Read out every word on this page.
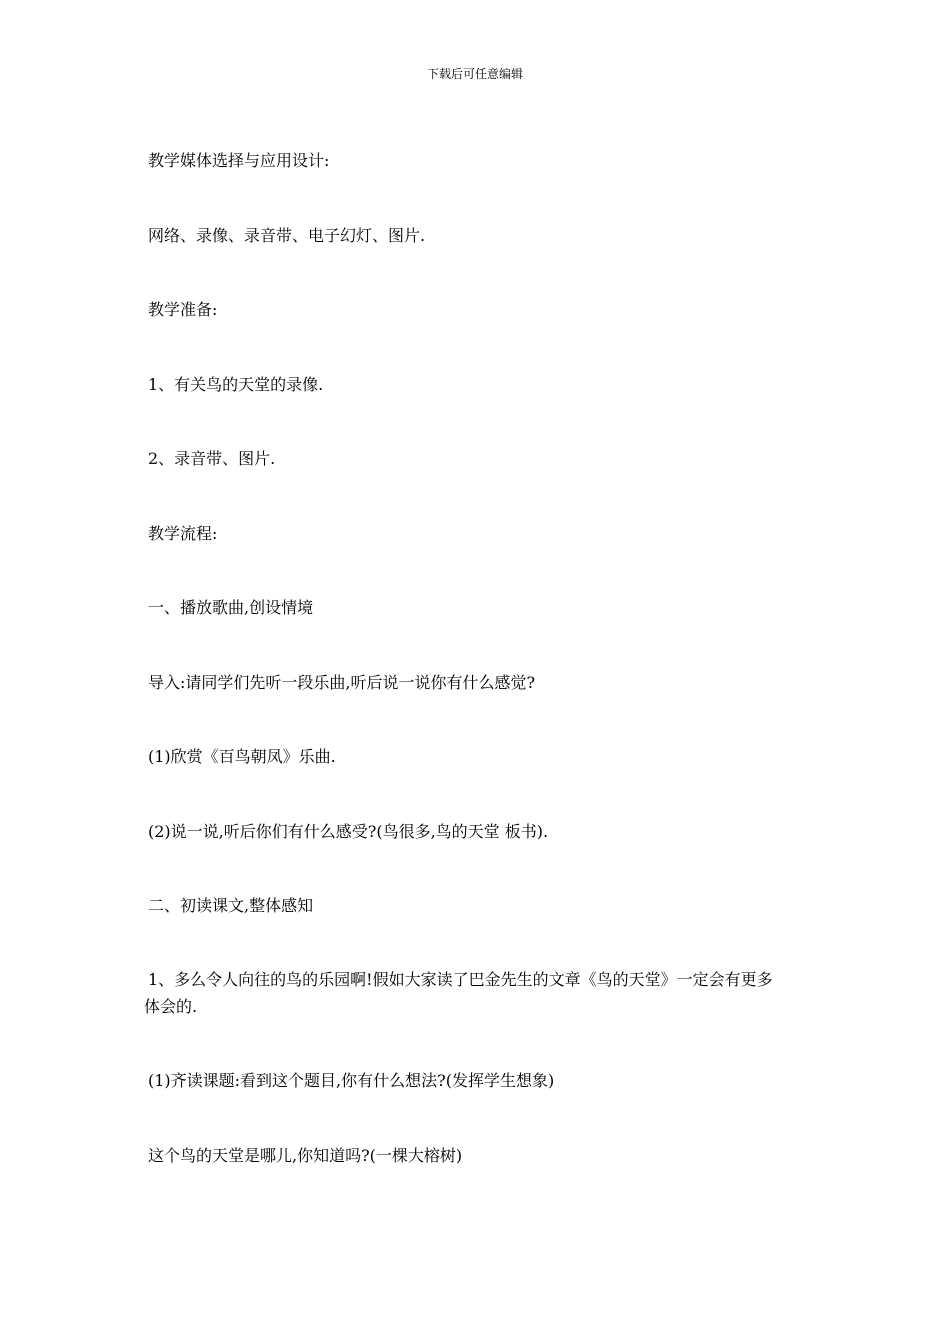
下载后可任意编辑
教学媒体选择与应用设计:
网络、录像、录音带、电子幻灯、图片.
教学准备:
1、有关鸟的天堂的录像.
2、录音带、图片.
教学流程:
一、播放歌曲,创设情境
导入:请同学们先听一段乐曲,听后说一说你有什么感觉?
(1)欣赏《百鸟朝凤》乐曲.
(2)说一说,听后你们有什么感受?(鸟很多,鸟的天堂 板书).
二、初读课文,整体感知
1、多么令人向往的鸟的乐园啊!假如大家读了巴金先生的文章《鸟的天堂》一定会有更多
体会的.
(1)齐读课题:看到这个题目,你有什么想法?(发挥学生想象)
这个鸟的天堂是哪儿,你知道吗?(一棵大榕树)
